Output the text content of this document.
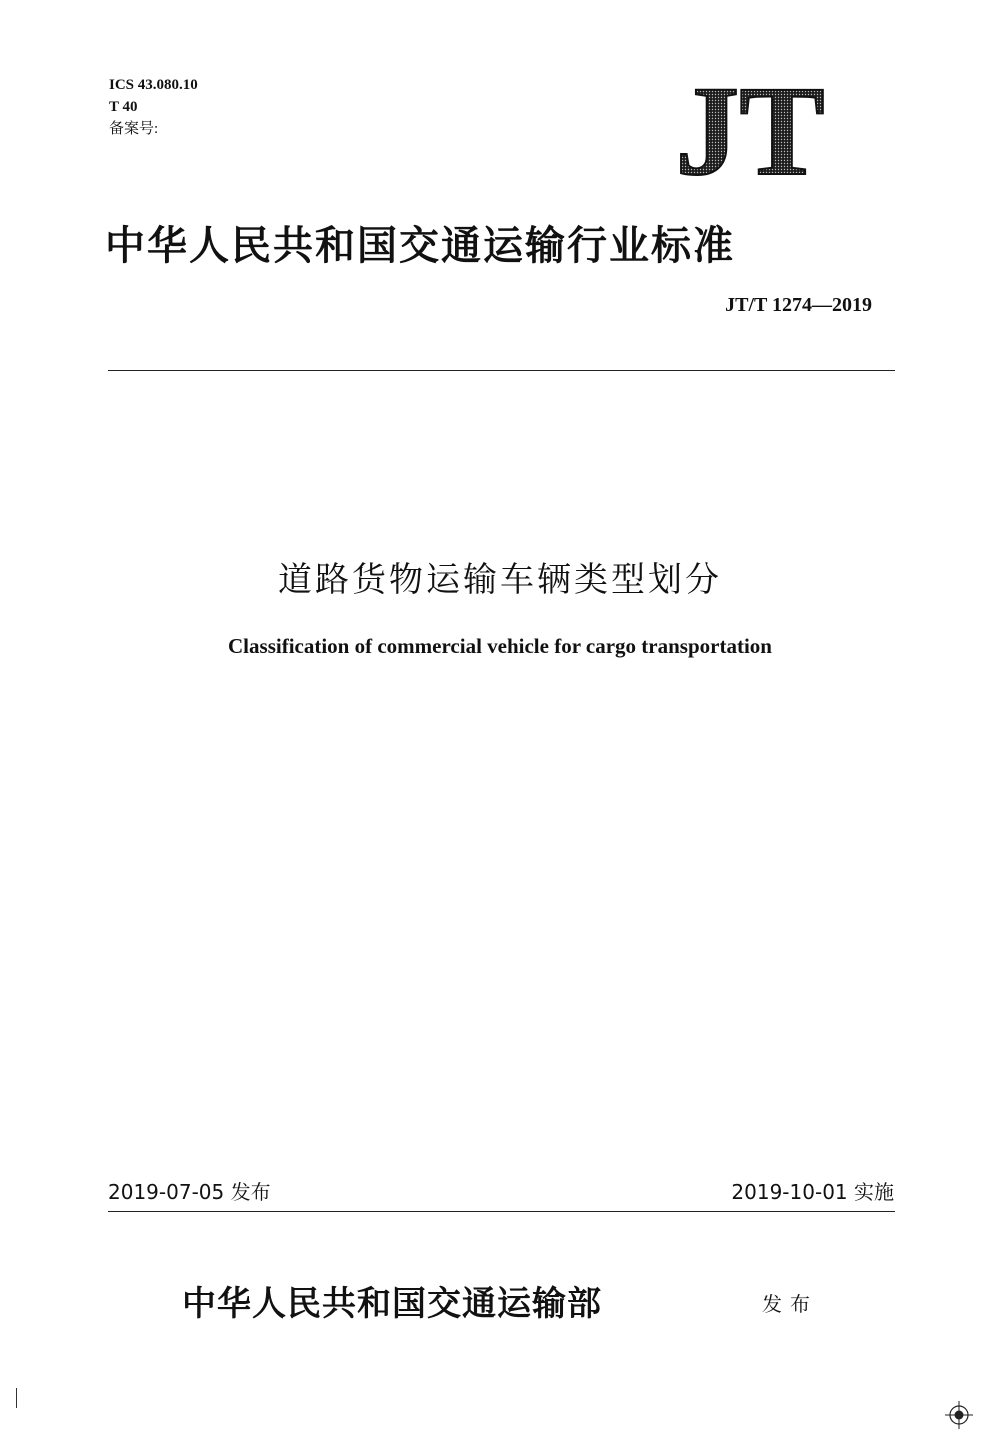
ICS 43.080.10
T 40
备案号:	JT
中华人民共和国交通运输行业标准
JT/T 1274—2019
道路货物运输车辆类型划分
Classification of commercial vehicle for cargo transportation
2019-07-05 发布	2019-10-01 实施
中华人民共和国交通运输部	发布
